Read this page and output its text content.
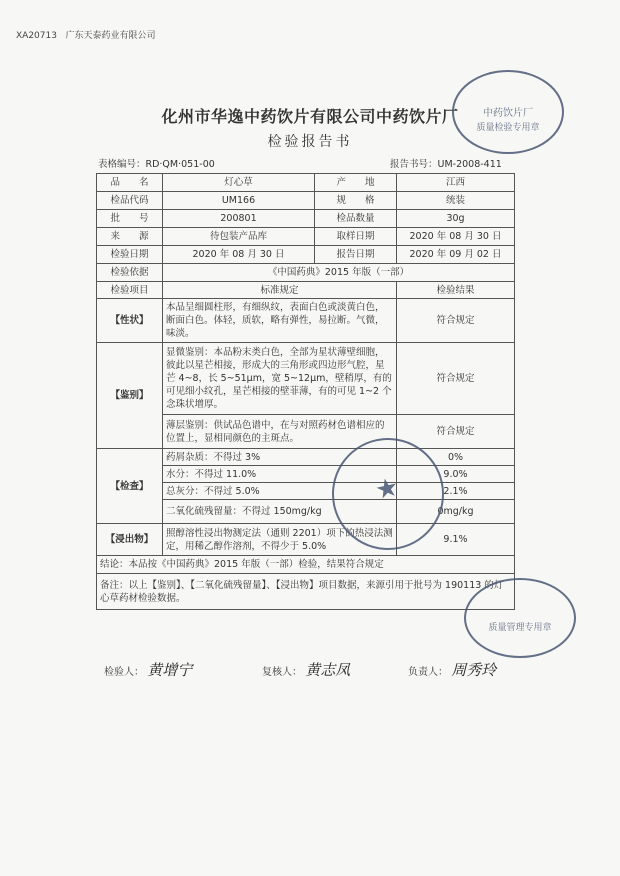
XA20713 广东天泰药业有限公司
化州市华逸中药饮片有限公司中药饮片厂
检验报告书
表格编号：RD·QM·051-00	报告书号：UM-2008-411
品　　名	灯心草	产　　地	江西
检品代码	UM166	规　　格	统装
批　　号	200801	检品数量	30g
来　　源	待包装产品库	取样日期	2020 年 08 月 30 日
检验日期	2020 年 08 月 30 日	报告日期	2020 年 09 月 02 日
检验依据	《中国药典》2015 年版（一部）		
检验项目	标准规定		检验结果
【性状】	本品呈细圆柱形，有细纵纹，表面白色或淡黄白色，断面白色。体轻，质软，略有弹性，易拉断。气微，味淡。		符合规定
【鉴别】	显微鉴别：本品粉末类白色，全部为星状薄壁细胞，彼此以星芒相接，形成大的三角形或四边形气腔，星芒 4~8，长 5~51μm，宽 5~12μm，壁稍厚，有的可见细小纹孔，星芒相接的壁菲薄，有的可见 1~2 个念珠状增厚。		符合规定
	薄层鉴别：供试品色谱中，在与对照药材色谱相应的位置上，显相同颜色的主斑点。		符合规定
【检查】	药屑杂质：不得过 3%		0%
	水分：不得过 11.0%		9.0%
	总灰分：不得过 5.0%		2.1%
	二氧化硫残留量：不得过 150mg/kg		0mg/kg
【浸出物】	照醇溶性浸出物测定法（通则 2201）项下的热浸法测定，用稀乙醇作溶剂，不得少于 5.0%		9.1%
结论：本品按《中国药典》2015 年版（一部）检验，结果符合规定			
备注：以上【鉴别】、【二氧化硫残留量】、【浸出物】项目数据，来源引用于批号为 190113 的灯心草药材检验数据。			
检验人： 黄增宁	复核人： 黄志凤	负责人： 周秀玲
中药饮片厂
质量检验专用章
★
质量管理专用章
